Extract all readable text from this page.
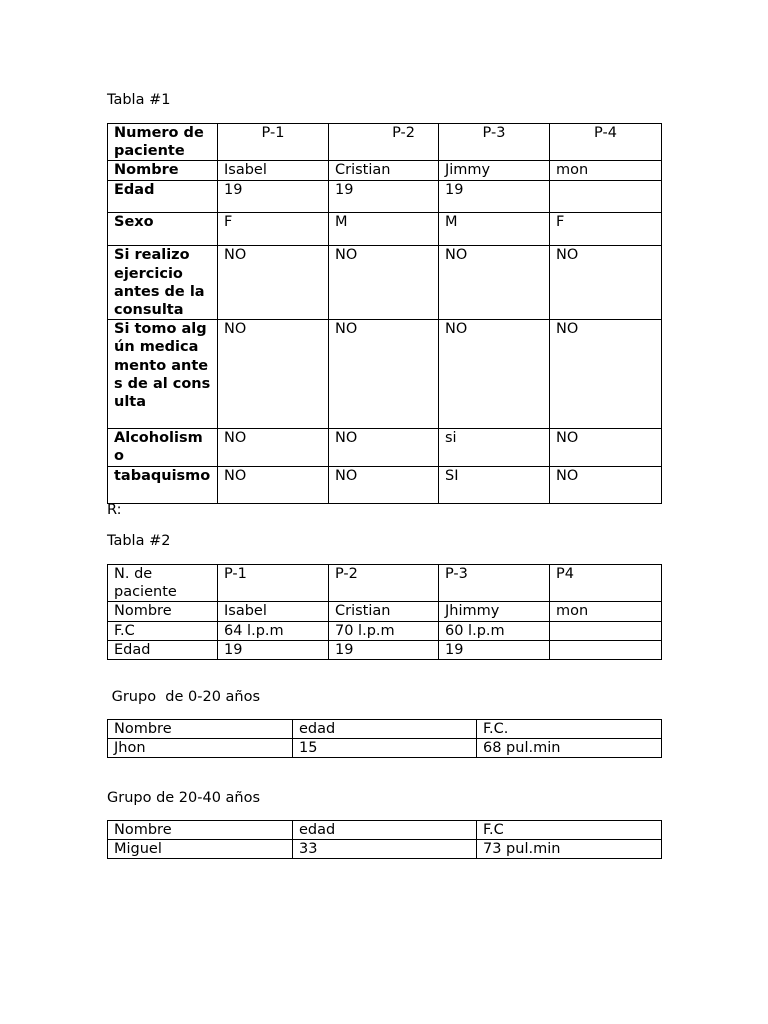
Tabla #1
Numero de paciente	P-1	P-2	P-3	P-4
Nombre	Isabel	Cristian	Jimmy	mon
Edad	19	19	19	
Sexo	F	M	M	F
Si realizo ejercicio antes de la consulta	NO	NO	NO	NO
Si tomo algún medicamento antes de al consulta	NO	NO	NO	NO
Alcoholismo	NO	NO	si	NO
tabaquismo	NO	NO	SI	NO
R:
Tabla #2
N. de paciente	P-1	P-2	P-3	P4
Nombre	Isabel	Cristian	Jhimmy	mon
F.C	64 l.p.m	70 l.p.m	60 l.p.m	
Edad	19	19	19	
Grupo  de 0-20 años
Nombre	edad	F.C.
Jhon	15	68 pul.min
Grupo de 20-40 años
Nombre	edad	F.C
Miguel	33	73 pul.min
